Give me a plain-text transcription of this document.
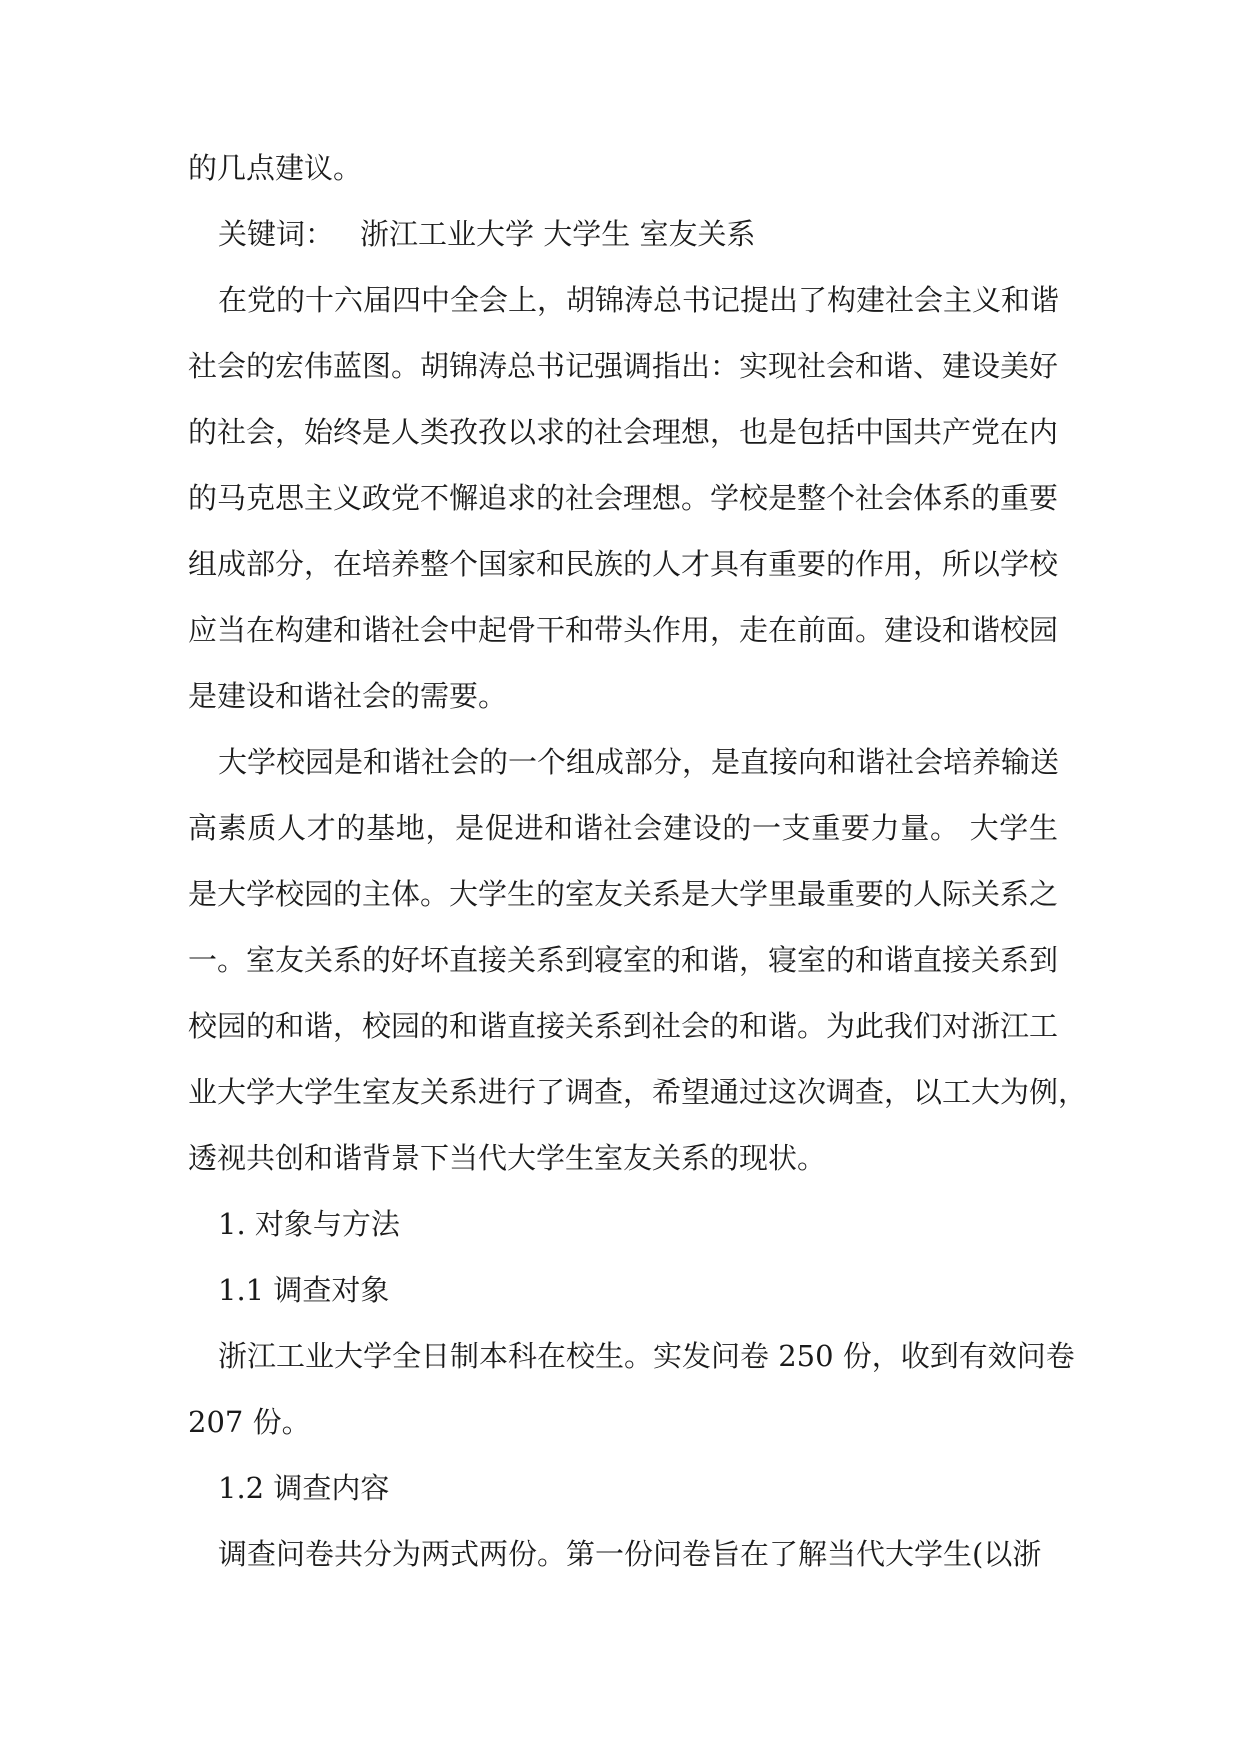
的几点建议。
关键词： 浙江工业大学 大学生 室友关系
在党的十六届四中全会上，胡锦涛总书记提出了构建社会主义和谐
社会的宏伟蓝图。胡锦涛总书记强调指出：实现社会和谐、建设美好
的社会，始终是人类孜孜以求的社会理想，也是包括中国共产党在内
的马克思主义政党不懈追求的社会理想。学校是整个社会体系的重要
组成部分，在培养整个国家和民族的人才具有重要的作用，所以学校
应当在构建和谐社会中起骨干和带头作用，走在前面。建设和谐校园
是建设和谐社会的需要。
大学校园是和谐社会的一个组成部分，是直接向和谐社会培养输送
高素质人才的基地，是促进和谐社会建设的一支重要力量。 大学生
是大学校园的主体。大学生的室友关系是大学里最重要的人际关系之
一。室友关系的好坏直接关系到寝室的和谐，寝室的和谐直接关系到
校园的和谐，校园的和谐直接关系到社会的和谐。为此我们对浙江工
业大学大学生室友关系进行了调查，希望通过这次调查，以工大为例，
透视共创和谐背景下当代大学生室友关系的现状。
1. 对象与方法
1.1 调查对象
浙江工业大学全日制本科在校生。实发问卷 250 份，收到有效问卷
207 份。
1.2 调查内容
调查问卷共分为两式两份。第一份问卷旨在了解当代大学生(以浙
